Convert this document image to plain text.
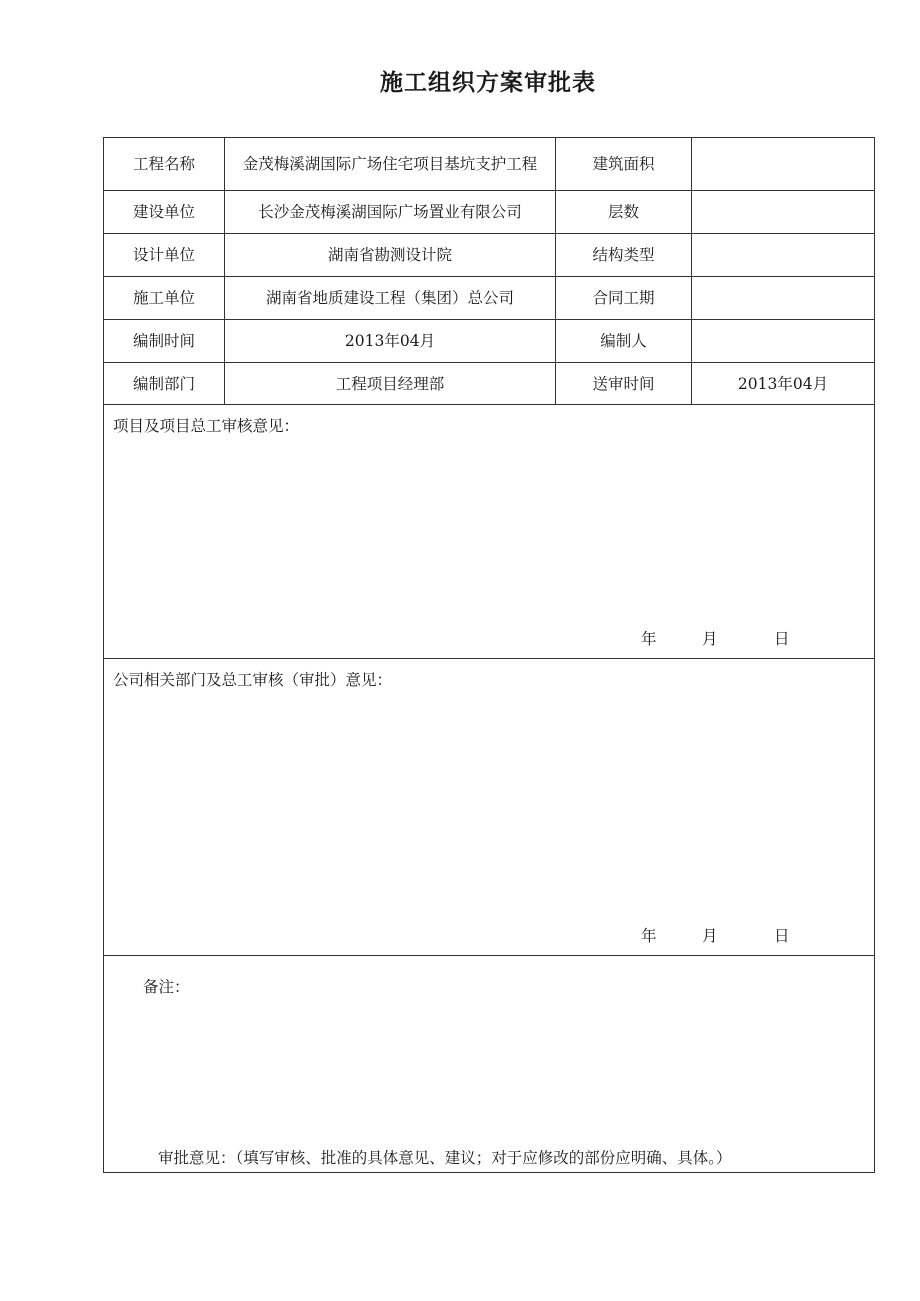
施工组织方案审批表
工程名称	金茂梅溪湖国际广场住宅项目基坑支护工程	建筑面积	
建设单位	长沙金茂梅溪湖国际广场置业有限公司	层数	
设计单位	湖南省勘测设计院	结构类型	
施工单位	湖南省地质建设工程（集团）总公司	合同工期	
编制时间	2013年04月	编制人	
编制部门	工程项目经理部	送审时间	2013年04月

项目及项目总工审核意见：
年 月 日			

公司相关部门及总工审核（审批）意见：
年 月 日			

备注：
审批意见：（填写审核、批准的具体意见、建议；对于应修改的部份应明确、具体。）			
